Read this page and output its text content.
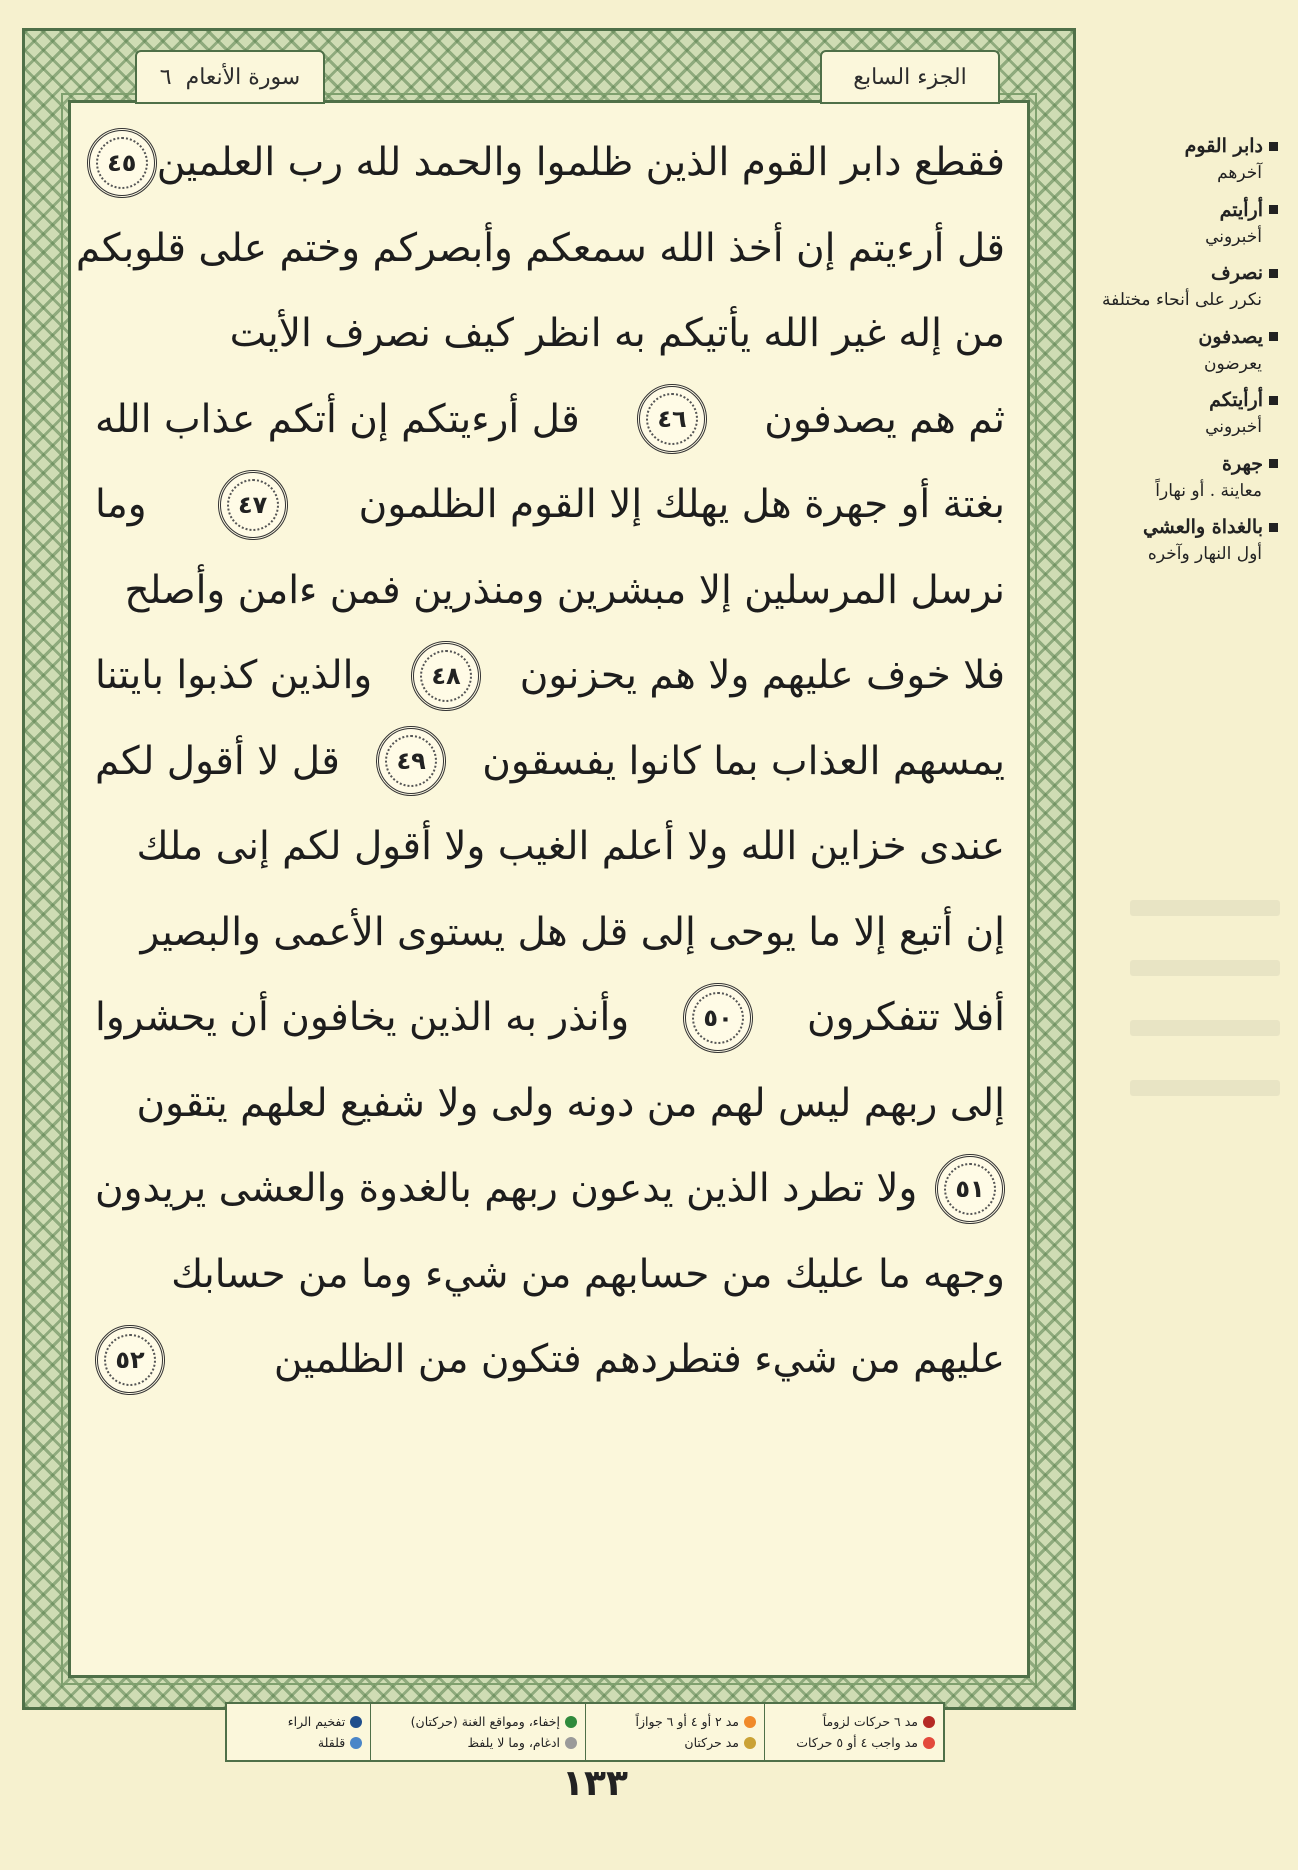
سورة الأنعام
٦	الجزء السابع
فقطع دابر القوم الذين ظلموا والحمد لله رب العلمين
٤٥
قل أرءيتم إن أخذ الله سمعكم وأبصركم وختم على قلوبكم
من إله غير الله يأتيكم به انظر كيف نصرف الأيت
ثم هم يصدفون
٤٦
قل أرءيتكم إن أتكم عذاب الله
بغتة أو جهرة هل يهلك إلا القوم الظلمون
٤٧
وما
نرسل المرسلين إلا مبشرين ومنذرين فمن ءامن وأصلح
فلا خوف عليهم ولا هم يحزنون
٤٨
والذين كذبوا بايتنا
يمسهم العذاب بما كانوا يفسقون
٤٩
قل لا أقول لكم
عندى خزاين الله ولا أعلم الغيب ولا أقول لكم إنى ملك
إن أتبع إلا ما يوحى إلى قل هل يستوى الأعمى والبصير
أفلا تتفكرون
٥٠
وأنذر به الذين يخافون أن يحشروا
إلى ربهم ليس لهم من دونه ولى ولا شفيع لعلهم يتقون
٥١
ولا تطرد الذين يدعون ربهم بالغدوة والعشى يريدون
وجهه ما عليك من حسابهم من شيء وما من حسابك
عليهم من شيء فتطردهم فتكون من الظلمين
٥٢
دابر القوم
آخرهم
أرأيتم
أخبروني
نصرف
نكرر على أنحاء مختلفة
يصدفون
يعرضون
أرأيتكم
أخبروني
جهرة
معاينة . أو نهاراً
بالغداة والعشي
أول النهار وآخره
مد ٦ حركات لزوماً
مد واجب ٤ أو ٥ حركات
مد ٢ أو ٤ أو ٦ جوازاً
مد حركتان
إخفاء، ومواقع الغنة (حركتان)
ادغام، وما لا يلفظ
تفخيم الراء
قلقلة
١٣٣
